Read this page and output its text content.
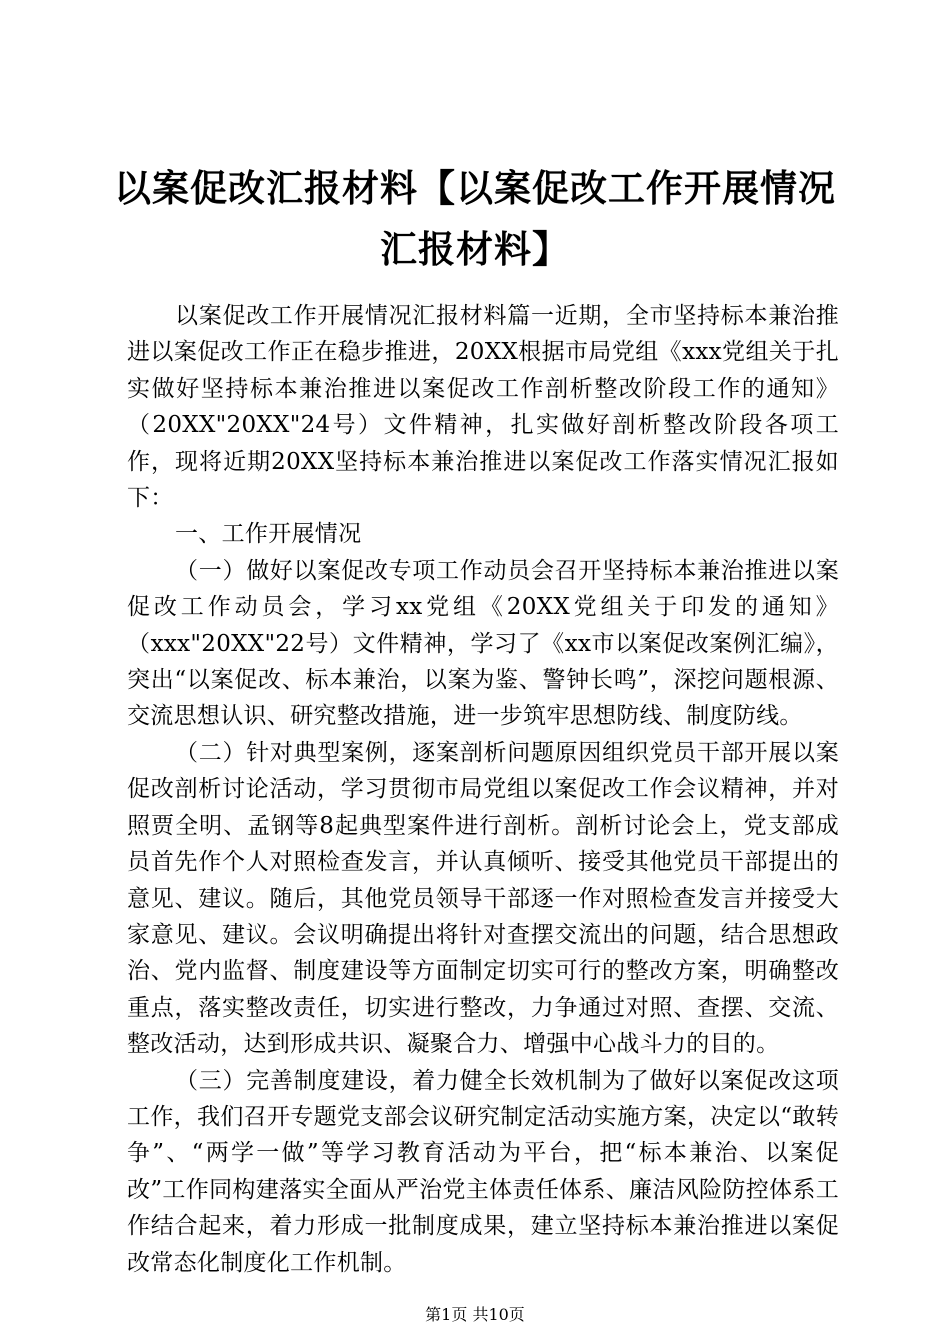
以案促改汇报材料【以案促改工作开展情况汇报材料】

以案促改工作开展情况汇报材料篇一近期，全市坚持标本兼治推进以案促改工作正在稳步推进，20XX根据市局党组《xxx党组关于扎实做好坚持标本兼治推进以案促改工作剖析整改阶段工作的通知》（20XX"20XX"24号）文件精神，扎实做好剖析整改阶段各项工作，现将近期20XX坚持标本兼治推进以案促改工作落实情况汇报如下：

一、工作开展情况

（一）做好以案促改专项工作动员会召开坚持标本兼治推进以案促改工作动员会，学习xx党组《20XX党组关于印发的通知》（xxx"20XX"22号）文件精神，学习了《xx市以案促改案例汇编》，突出“以案促改、标本兼治，以案为鉴、警钟长鸣”，深挖问题根源、交流思想认识、研究整改措施，进一步筑牢思想防线、制度防线。

（二）针对典型案例，逐案剖析问题原因组织党员干部开展以案促改剖析讨论活动，学习贯彻市局党组以案促改工作会议精神，并对照贾全明、孟钢等8起典型案件进行剖析。剖析讨论会上，党支部成员首先作个人对照检查发言，并认真倾听、接受其他党员干部提出的意见、建议。随后，其他党员领导干部逐一作对照检查发言并接受大家意见、建议。会议明确提出将针对查摆交流出的问题，结合思想政治、党内监督、制度建设等方面制定切实可行的整改方案，明确整改重点，落实整改责任，切实进行整改，力争通过对照、查摆、交流、整改活动，达到形成共识、凝聚合力、增强中心战斗力的目的。

（三）完善制度建设，着力健全长效机制为了做好以案促改这项工作，我们召开专题党支部会议研究制定活动实施方案，决定以“敢转争”、“两学一做”等学习教育活动为平台，把“标本兼治、以案促改”工作同构建落实全面从严治党主体责任体系、廉洁风险防控体系工作结合起来，着力形成一批制度成果，建立坚持标本兼治推进以案促改常态化制度化工作机制。

第1页 共10页
